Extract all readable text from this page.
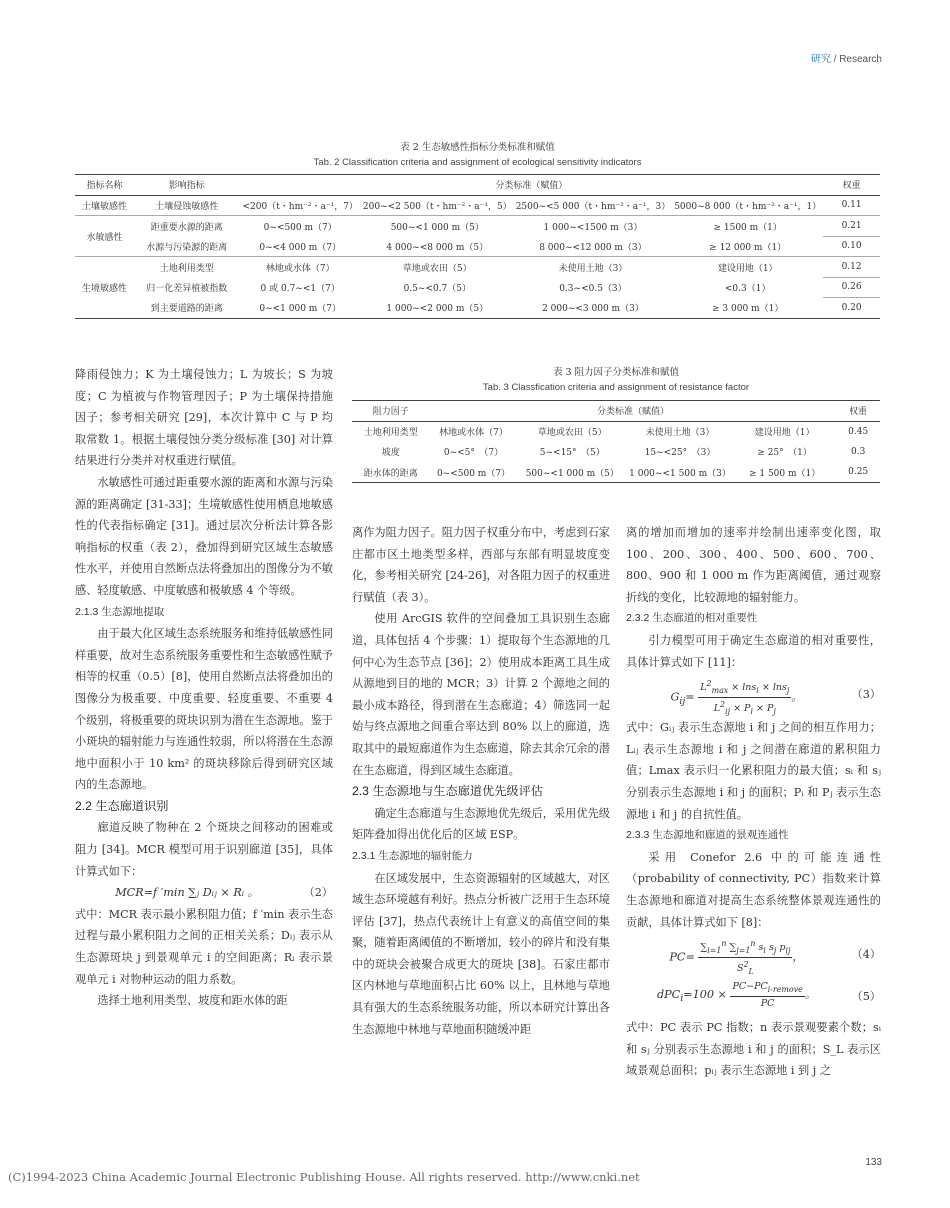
研究 / Research
表 2 生态敏感性指标分类标准和赋值
Tab. 2 Classification criteria and assignment of ecological sensitivity indicators
指标名称	影响指标	分类标准（赋值）				权重
土壤敏感性	土壤侵蚀敏感性	<200（t・hm⁻²・a⁻¹，7）	200~<2 500（t・hm⁻²・a⁻¹，5）	2500~<5 000（t・hm⁻²・a⁻¹，3）	5000~8 000（t・hm⁻²・a⁻¹，1）	0.11
水敏感性	距重要水源的距离	0~<500 m（7）	500~<1 000 m（5）	1 000~<1500 m（3）	≥ 1500 m（1）	0.21
	水源与污染源的距离	0~<4 000 m（7）	4 000~<8 000 m（5）	8 000~<12 000 m（3）	≥ 12 000 m（1）	0.10
生境敏感性	土地利用类型	林地或水体（7）	草地或农田（5）	未使用土地（3）	建设用地（1）	0.12
	归一化差异植被指数	0 或 0.7~<1（7）	0.5~<0.7（5）	0.3~<0.5（3）	<0.3（1）	0.26
	到主要道路的距离	0~<1 000 m（7）	1 000~<2 000 m（5）	2 000~<3 000 m（3）	≥ 3 000 m（1）	0.20
表 3 阻力因子分类标准和赋值
Tab. 3 Classfication criteria and assignment of resistance factor
阻力因子	分类标准（赋值）				权重
土地利用类型	林地或水体（7）	草地或农田（5）	未使用土地（3）	建设用地（1）	0.45
坡度	0~<5°　（7）	5~<15°　（5）	15~<25°　（3）	≥ 25°　（1）	0.3
距水体的距离	0~<500 m（7）	500~<1 000 m（5）	1 000~<1 500 m（3）	≥ 1 500 m（1）	0.25

降雨侵蚀力；K 为土壤侵蚀力；L 为坡长；S 为坡度；C 为植被与作物管理因子；P 为土壤保持措施因子；参考相关研究 [29]，本次计算中 C 与 P 均取常数 1。根据土壤侵蚀分类分级标准 [30] 对计算结果进行分类并对权重进行赋值。

水敏感性可通过距重要水源的距离和水源与污染源的距离确定 [31-33]；生境敏感性使用栖息地敏感性的代表指标确定 [31]。通过层次分析法计算各影响指标的权重（表 2），叠加得到研究区域生态敏感性水平，并使用自然断点法将叠加出的图像分为不敏感、轻度敏感、中度敏感和极敏感 4 个等级。

2.1.3 生态源地提取

由于最大化区域生态系统服务和维持低敏感性同样重要，故对生态系统服务重要性和生态敏感性赋予相等的权重（0.5）[8]，使用自然断点法将叠加出的图像分为极重要、中度重要、轻度重要、不重要 4 个级别，将极重要的斑块识别为潜在生态源地。鉴于小斑块的辐射能力与连通性较弱，所以将潜在生态源地中面积小于 10 km² 的斑块移除后得到研究区域内的生态源地。

2.2 生态廊道识别

廊道反映了物种在 2 个斑块之间移动的困难或阻力 [34]。MCR 模型可用于识别廊道 [35]，具体计算式如下：

MCR=f ′min ∑ⱼ Dᵢⱼ × Rᵢ 。	（2）

式中：MCR 表示最小累积阻力值；f ′min 表示生态过程与最小累积阻力之间的正相关关系；Dᵢⱼ 表示从生态源斑块 j 到景观单元 i 的空间距离；Rᵢ 表示景观单元 i 对物种运动的阻力系数。

选择土地利用类型、坡度和距水体的距

离作为阻力因子。阻力因子权重分布中，考虑到石家庄都市区土地类型多样，西部与东部有明显坡度变化，参考相关研究 [24-26]，对各阻力因子的权重进行赋值（表 3）。

使用 ArcGIS 软件的空间叠加工具识别生态廊道，具体包括 4 个步骤：1）提取每个生态源地的几何中心为生态节点 [36]；2）使用成本距离工具生成从源地到目的地的 MCR；3）计算 2 个源地之间的最小成本路径，得到潜在生态廊道；4）筛选同一起始与终点源地之间重合率达到 80% 以上的廊道，选取其中的最短廊道作为生态廊道，除去其余冗余的潜在生态廊道，得到区域生态廊道。

2.3 生态源地与生态廊道优先级评估

确定生态廊道与生态源地优先级后，采用优先级矩阵叠加得出优化后的区域 ESP。

2.3.1 生态源地的辐射能力

在区域发展中，生态资源辐射的区域越大，对区域生态环境越有利好。热点分析被广泛用于生态环境评估 [37]，热点代表统计上有意义的高值空间的集聚，随着距离阈值的不断增加，较小的碎片和没有集中的斑块会被聚合成更大的斑块 [38]。石家庄都市区内林地与草地面积占比 60% 以上，且林地与草地具有强大的生态系统服务功能，所以本研究计算出各生态源地中林地与草地面积随缓冲距

离的增加而增加的速率并绘制出速率变化图，取 100、200、300、400、500、600、700、800、900 和 1 000 m 作为距离阈值，通过观察折线的变化，比较源地的辐射能力。

2.3.2 生态廊道的相对重要性

引力模型可用于确定生态廊道的相对重要性，具体计算式如下 [11]：

$G_{ij}= \frac{L^2_{max} \times \ln s_i \times \ln s_j}{L^2_{ij} \times P_i \times P_j}$ 。	（3）

式中：Gᵢⱼ 表示生态源地 i 和 j 之间的相互作用力；Lᵢⱼ 表示生态源地 i 和 j 之间潜在廊道的累积阻力值；Lmax 表示归一化累积阻力的最大值；sᵢ 和 sⱼ 分别表示生态源地 i 和 j 的面积；Pᵢ 和 Pⱼ 表示生态源地 i 和 j 的自抗性值。

2.3.3 生态源地和廊道的景观连通性

采用 Conefor 2.6 中的可能连通性（probability of connectivity, PC）指数来计算生态源地和廊道对提高生态系统整体景观连通性的贡献，具体计算式如下 [8]：

$PC= \frac{\sum_{i=1}^n \sum_{j=1}^n s_i s_j p_{ij}}{S^2_L}$ ，	（4）
$dPC_i=100 \times \frac{PC-PC_{i-remove}}{PC}$ 。	（5）

式中：PC 表示 PC 指数；n 表示景观要素个数；sᵢ 和 sⱼ 分别表示生态源地 i 和 j 的面积；S_L 表示区域景观总面积；pᵢⱼ 表示生态源地 i 到 j 之

133
(C)1994-2023 China Academic Journal Electronic Publishing House. All rights reserved. http://www.cnki.net
